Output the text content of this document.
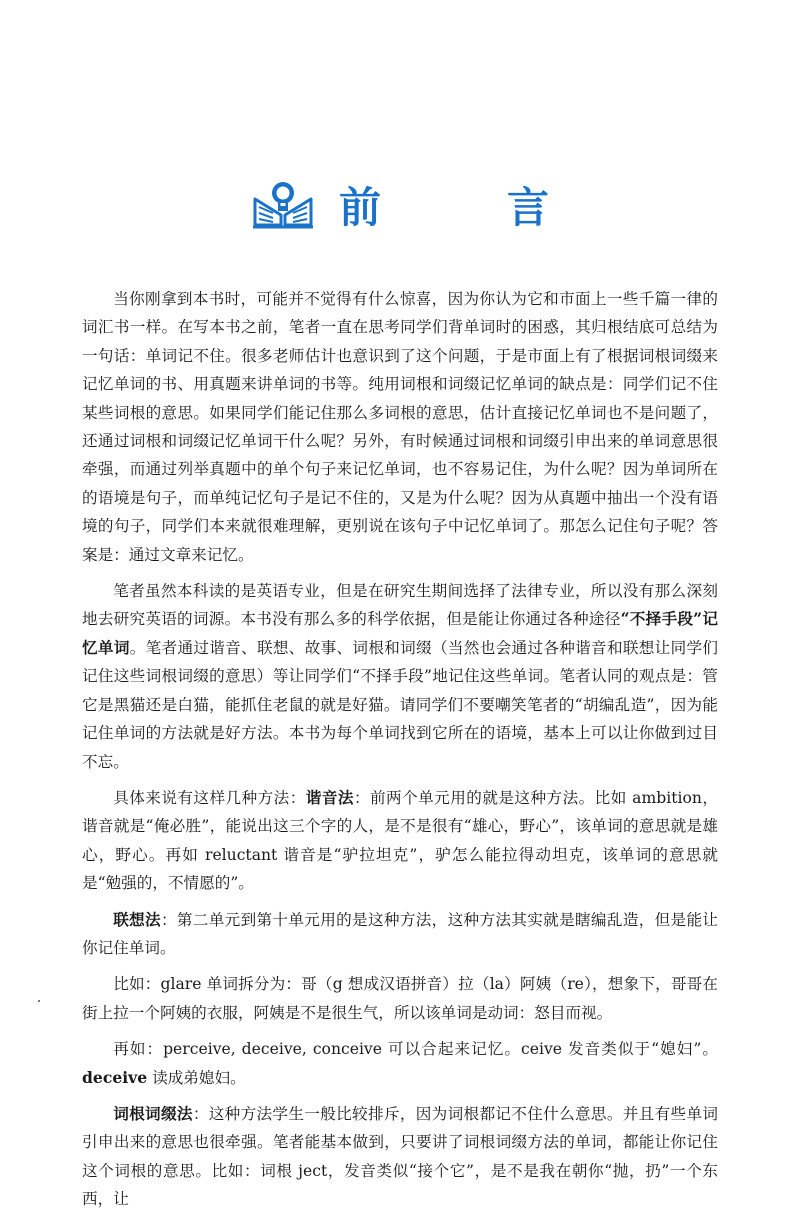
前　言

当你刚拿到本书时，可能并不觉得有什么惊喜，因为你认为它和市面上一些千篇一律的词汇书一样。在写本书之前，笔者一直在思考同学们背单词时的困惑，其归根结底可总结为一句话：单词记不住。很多老师估计也意识到了这个问题，于是市面上有了根据词根词缀来记忆单词的书、用真题来讲单词的书等。纯用词根和词缀记忆单词的缺点是：同学们记不住某些词根的意思。如果同学们能记住那么多词根的意思，估计直接记忆单词也不是问题了，还通过词根和词缀记忆单词干什么呢？另外，有时候通过词根和词缀引申出来的单词意思很牵强，而通过列举真题中的单个句子来记忆单词，也不容易记住，为什么呢？因为单词所在的语境是句子，而单纯记忆句子是记不住的，又是为什么呢？因为从真题中抽出一个没有语境的句子，同学们本来就很难理解，更别说在该句子中记忆单词了。那怎么记住句子呢？答案是：通过文章来记忆。

笔者虽然本科读的是英语专业，但是在研究生期间选择了法律专业，所以没有那么深刻地去研究英语的词源。本书没有那么多的科学依据，但是能让你通过各种途径“不择手段”记忆单词。笔者通过谐音、联想、故事、词根和词缀（当然也会通过各种谐音和联想让同学们记住这些词根词缀的意思）等让同学们“不择手段”地记住这些单词。笔者认同的观点是：管它是黑猫还是白猫，能抓住老鼠的就是好猫。请同学们不要嘲笑笔者的“胡编乱造”，因为能记住单词的方法就是好方法。本书为每个单词找到它所在的语境，基本上可以让你做到过目不忘。

具体来说有这样几种方法：谐音法：前两个单元用的就是这种方法。比如 ambition，谐音就是“俺必胜”，能说出这三个字的人，是不是很有“雄心，野心”，该单词的意思就是雄心，野心。再如 reluctant 谐音是“驴拉坦克”，驴怎么能拉得动坦克，该单词的意思就是“勉强的，不情愿的”。

联想法：第二单元到第十单元用的是这种方法，这种方法其实就是瞎编乱造，但是能让你记住单词。

比如：glare 单词拆分为：哥（g 想成汉语拼音）拉（la）阿姨（re），想象下，哥哥在街上拉一个阿姨的衣服，阿姨是不是很生气，所以该单词是动词：怒目而视。

再如：perceive, deceive, conceive 可以合起来记忆。ceive 发音类似于“媳妇”。deceive 读成弟媳妇。

词根词缀法：这种方法学生一般比较排斥，因为词根都记不住什么意思。并且有些单词引申出来的意思也很牵强。笔者能基本做到，只要讲了词根词缀方法的单词，都能让你记住这个词根的意思。比如：词根 ject，发音类似“接个它”，是不是我在朝你“抛，扔”一个东西，让
